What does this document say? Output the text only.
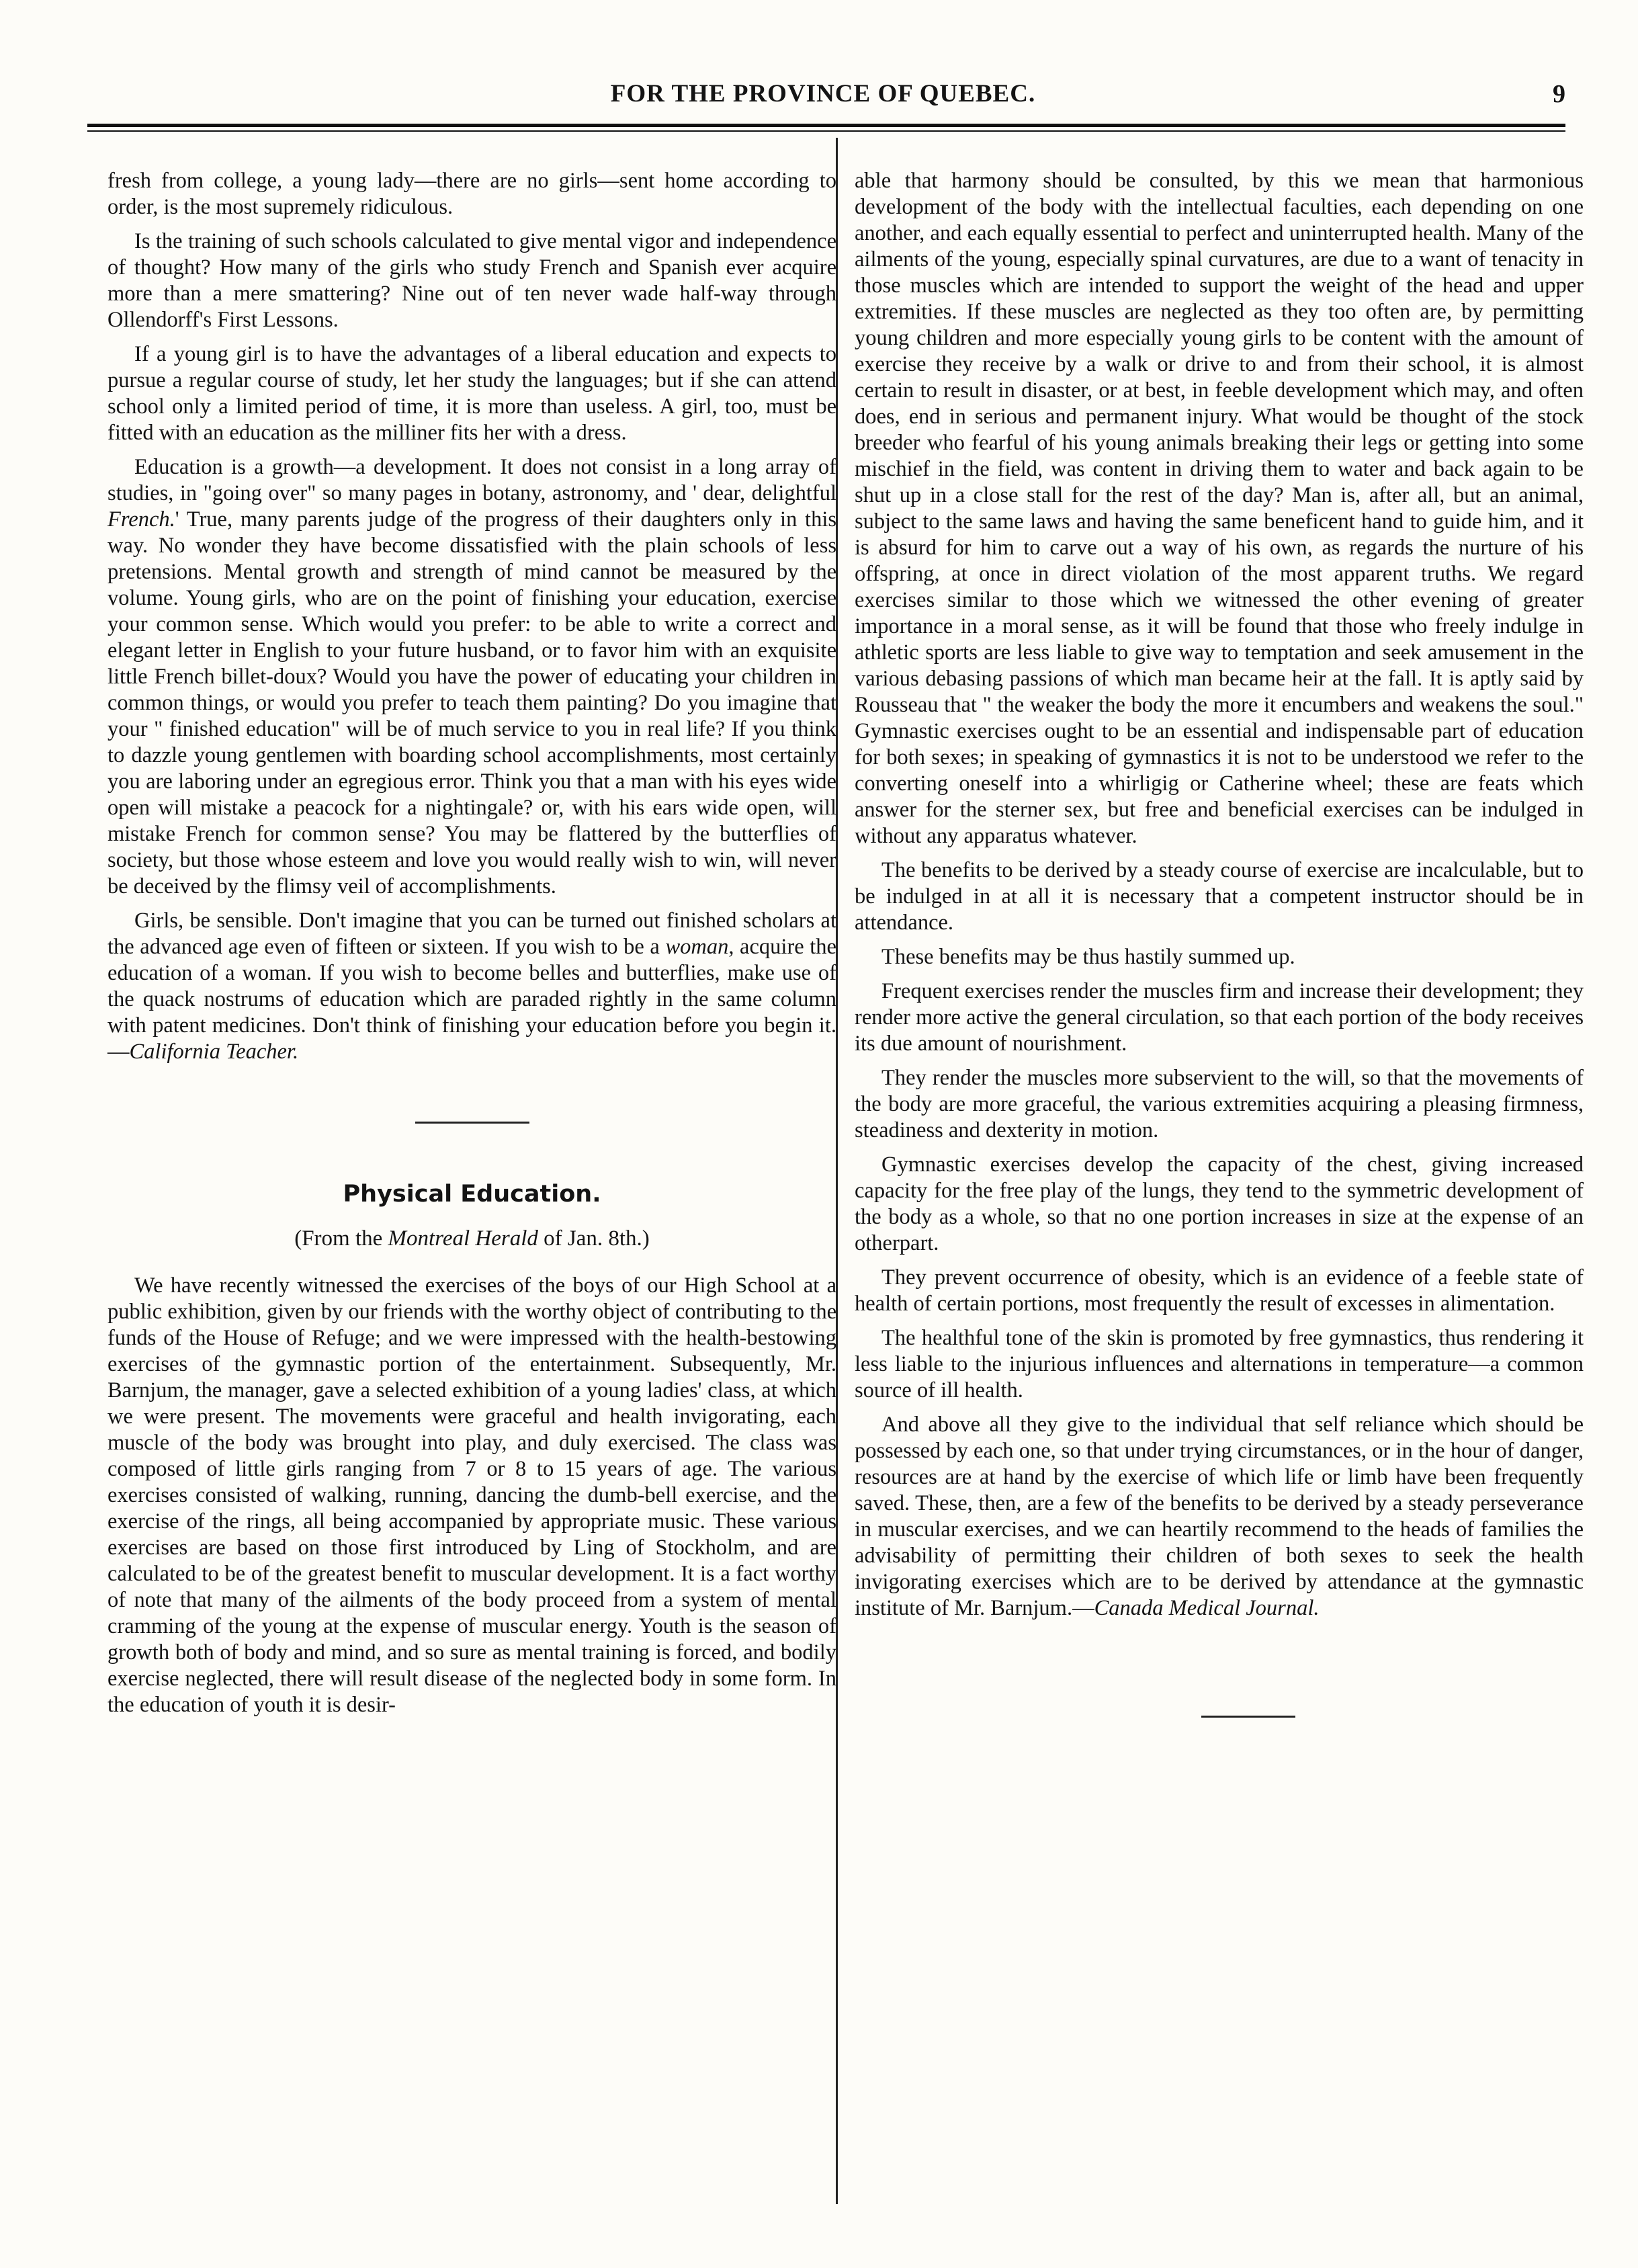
FOR THE PROVINCE OF QUEBEC.	9

fresh from college, a young lady—there are no girls—sent home according to order, is the most supremely ridiculous.

Is the training of such schools calculated to give mental vigor and independence of thought? How many of the girls who study French and Spanish ever acquire more than a mere smattering? Nine out of ten never wade half-way through Ollendorff's First Lessons.

If a young girl is to have the advantages of a liberal education and expects to pursue a regular course of study, let her study the languages; but if she can attend school only a limited period of time, it is more than useless. A girl, too, must be fitted with an education as the milliner fits her with a dress.

Education is a growth—a development. It does not consist in a long array of studies, in "going over" so many pages in botany, astronomy, and ' dear, delightful French.' True, many parents judge of the progress of their daughters only in this way. No wonder they have become dissatisfied with the plain schools of less pretensions. Mental growth and strength of mind cannot be measured by the volume. Young girls, who are on the point of finishing your education, exercise your common sense. Which would you prefer: to be able to write a correct and elegant letter in English to your future husband, or to favor him with an exquisite little French billet-doux? Would you have the power of educating your children in common things, or would you prefer to teach them painting? Do you imagine that your " finished education" will be of much service to you in real life? If you think to dazzle young gentlemen with boarding school accomplishments, most certainly you are laboring under an egregious error. Think you that a man with his eyes wide open will mistake a peacock for a nightingale? or, with his ears wide open, will mistake French for common sense? You may be flattered by the butterflies of society, but those whose esteem and love you would really wish to win, will never be deceived by the flimsy veil of accomplishments.

Girls, be sensible. Don't imagine that you can be turned out finished scholars at the advanced age even of fifteen or sixteen. If you wish to be a woman, acquire the education of a woman. If you wish to become belles and butterflies, make use of the quack nostrums of education which are paraded rightly in the same column with patent medicines. Don't think of finishing your education before you begin it.—California Teacher.

Physical Education.
(From the Montreal Herald of Jan. 8th.)

We have recently witnessed the exercises of the boys of our High School at a public exhibition, given by our friends with the worthy object of contributing to the funds of the House of Refuge; and we were impressed with the health-bestowing exercises of the gymnastic portion of the entertainment. Subsequently, Mr. Barnjum, the manager, gave a selected exhibition of a young ladies' class, at which we were present. The movements were graceful and health invigorating, each muscle of the body was brought into play, and duly exercised. The class was composed of little girls ranging from 7 or 8 to 15 years of age. The various exercises consisted of walking, running, dancing the dumb-bell exercise, and the exercise of the rings, all being accompanied by appropriate music. These various exercises are based on those first introduced by Ling of Stockholm, and are calculated to be of the greatest benefit to muscular development. It is a fact worthy of note that many of the ailments of the body proceed from a system of mental cramming of the young at the expense of muscular energy. Youth is the season of growth both of body and mind, and so sure as mental training is forced, and bodily exercise neglected, there will result disease of the neglected body in some form. In the education of youth it is desir-

able that harmony should be consulted, by this we mean that harmonious development of the body with the intellectual faculties, each depending on one another, and each equally essential to perfect and uninterrupted health. Many of the ailments of the young, especially spinal curvatures, are due to a want of tenacity in those muscles which are intended to support the weight of the head and upper extremities. If these muscles are neglected as they too often are, by permitting young children and more especially young girls to be content with the amount of exercise they receive by a walk or drive to and from their school, it is almost certain to result in disaster, or at best, in feeble development which may, and often does, end in serious and permanent injury. What would be thought of the stock breeder who fearful of his young animals breaking their legs or getting into some mischief in the field, was content in driving them to water and back again to be shut up in a close stall for the rest of the day? Man is, after all, but an animal, subject to the same laws and having the same beneficent hand to guide him, and it is absurd for him to carve out a way of his own, as regards the nurture of his offspring, at once in direct violation of the most apparent truths. We regard exercises similar to those which we witnessed the other evening of greater importance in a moral sense, as it will be found that those who freely indulge in athletic sports are less liable to give way to temptation and seek amusement in the various debasing passions of which man became heir at the fall. It is aptly said by Rousseau that " the weaker the body the more it encumbers and weakens the soul." Gymnastic exercises ought to be an essential and indispensable part of education for both sexes; in speaking of gymnastics it is not to be understood we refer to the converting oneself into a whirligig or Catherine wheel; these are feats which answer for the sterner sex, but free and beneficial exercises can be indulged in without any apparatus whatever.

The benefits to be derived by a steady course of exercise are incalculable, but to be indulged in at all it is necessary that a competent instructor should be in attendance.

These benefits may be thus hastily summed up.

Frequent exercises render the muscles firm and increase their development; they render more active the general circulation, so that each portion of the body receives its due amount of nourishment.

They render the muscles more subservient to the will, so that the movements of the body are more graceful, the various extremities acquiring a pleasing firmness, steadiness and dexterity in motion.

Gymnastic exercises develop the capacity of the chest, giving increased capacity for the free play of the lungs, they tend to the symmetric development of the body as a whole, so that no one portion increases in size at the expense of an otherpart.

They prevent occurrence of obesity, which is an evidence of a feeble state of health of certain portions, most frequently the result of excesses in alimentation.

The healthful tone of the skin is promoted by free gymnastics, thus rendering it less liable to the injurious influences and alternations in temperature—a common source of ill health.

And above all they give to the individual that self reliance which should be possessed by each one, so that under trying circumstances, or in the hour of danger, resources are at hand by the exercise of which life or limb have been frequently saved. These, then, are a few of the benefits to be derived by a steady perseverance in muscular exercises, and we can heartily recommend to the heads of families the advisability of permitting their children of both sexes to seek the health invigorating exercises which are to be derived by attendance at the gymnastic institute of Mr. Barnjum.—Canada Medical Journal.
